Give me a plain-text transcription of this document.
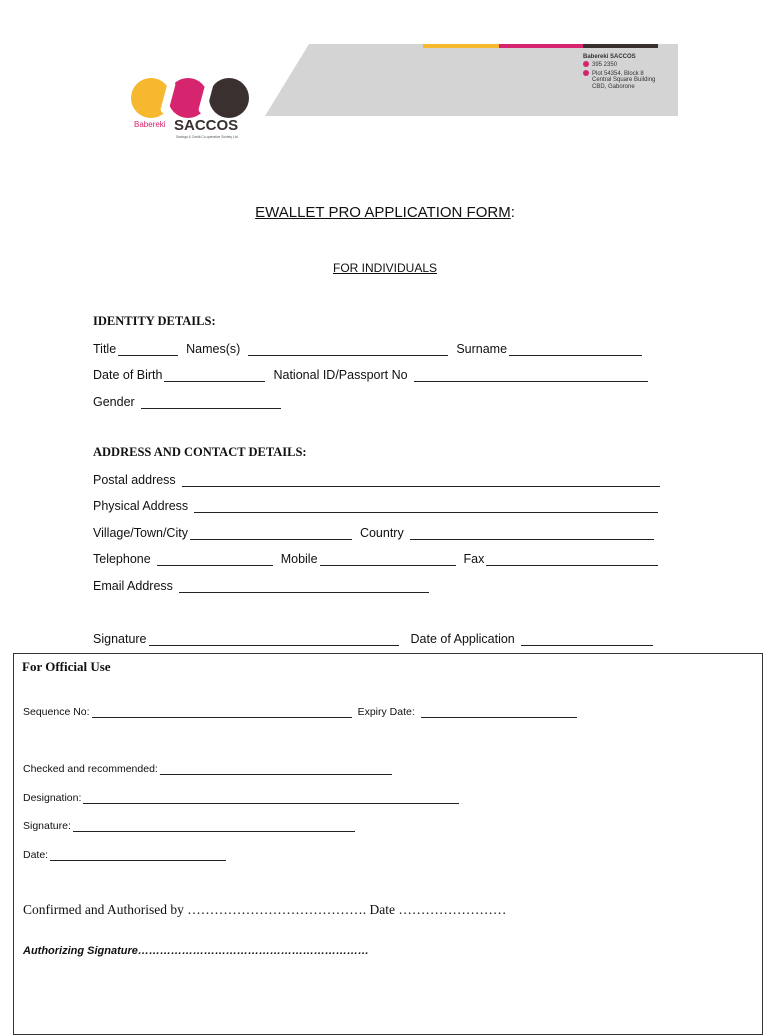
Babereki SACCOS
395 2350
Plot 54354, Block 8
Central Square Building
CBD, Gaborone
Babereki SACCOS
Savings & Credit Co-operative Society Ltd
EWALLET PRO APPLICATION FORM:
FOR INDIVIDUALS
IDENTITY DETAILS:
Title	Names(s)	Surname
Date of Birth	National ID/Passport No
Gender
ADDRESS AND CONTACT DETAILS:
Postal address
Physical Address
Village/Town/City	Country
Telephone	Mobile	Fax
Email Address
Signature	Date of Application
For Official Use
Sequence No:	Expiry Date:
Checked and recommended:
Designation:
Signature:
Date:
Confirmed and Authorised by …………………………………. Date ……………………
Authorizing Signature………………………………………………………
